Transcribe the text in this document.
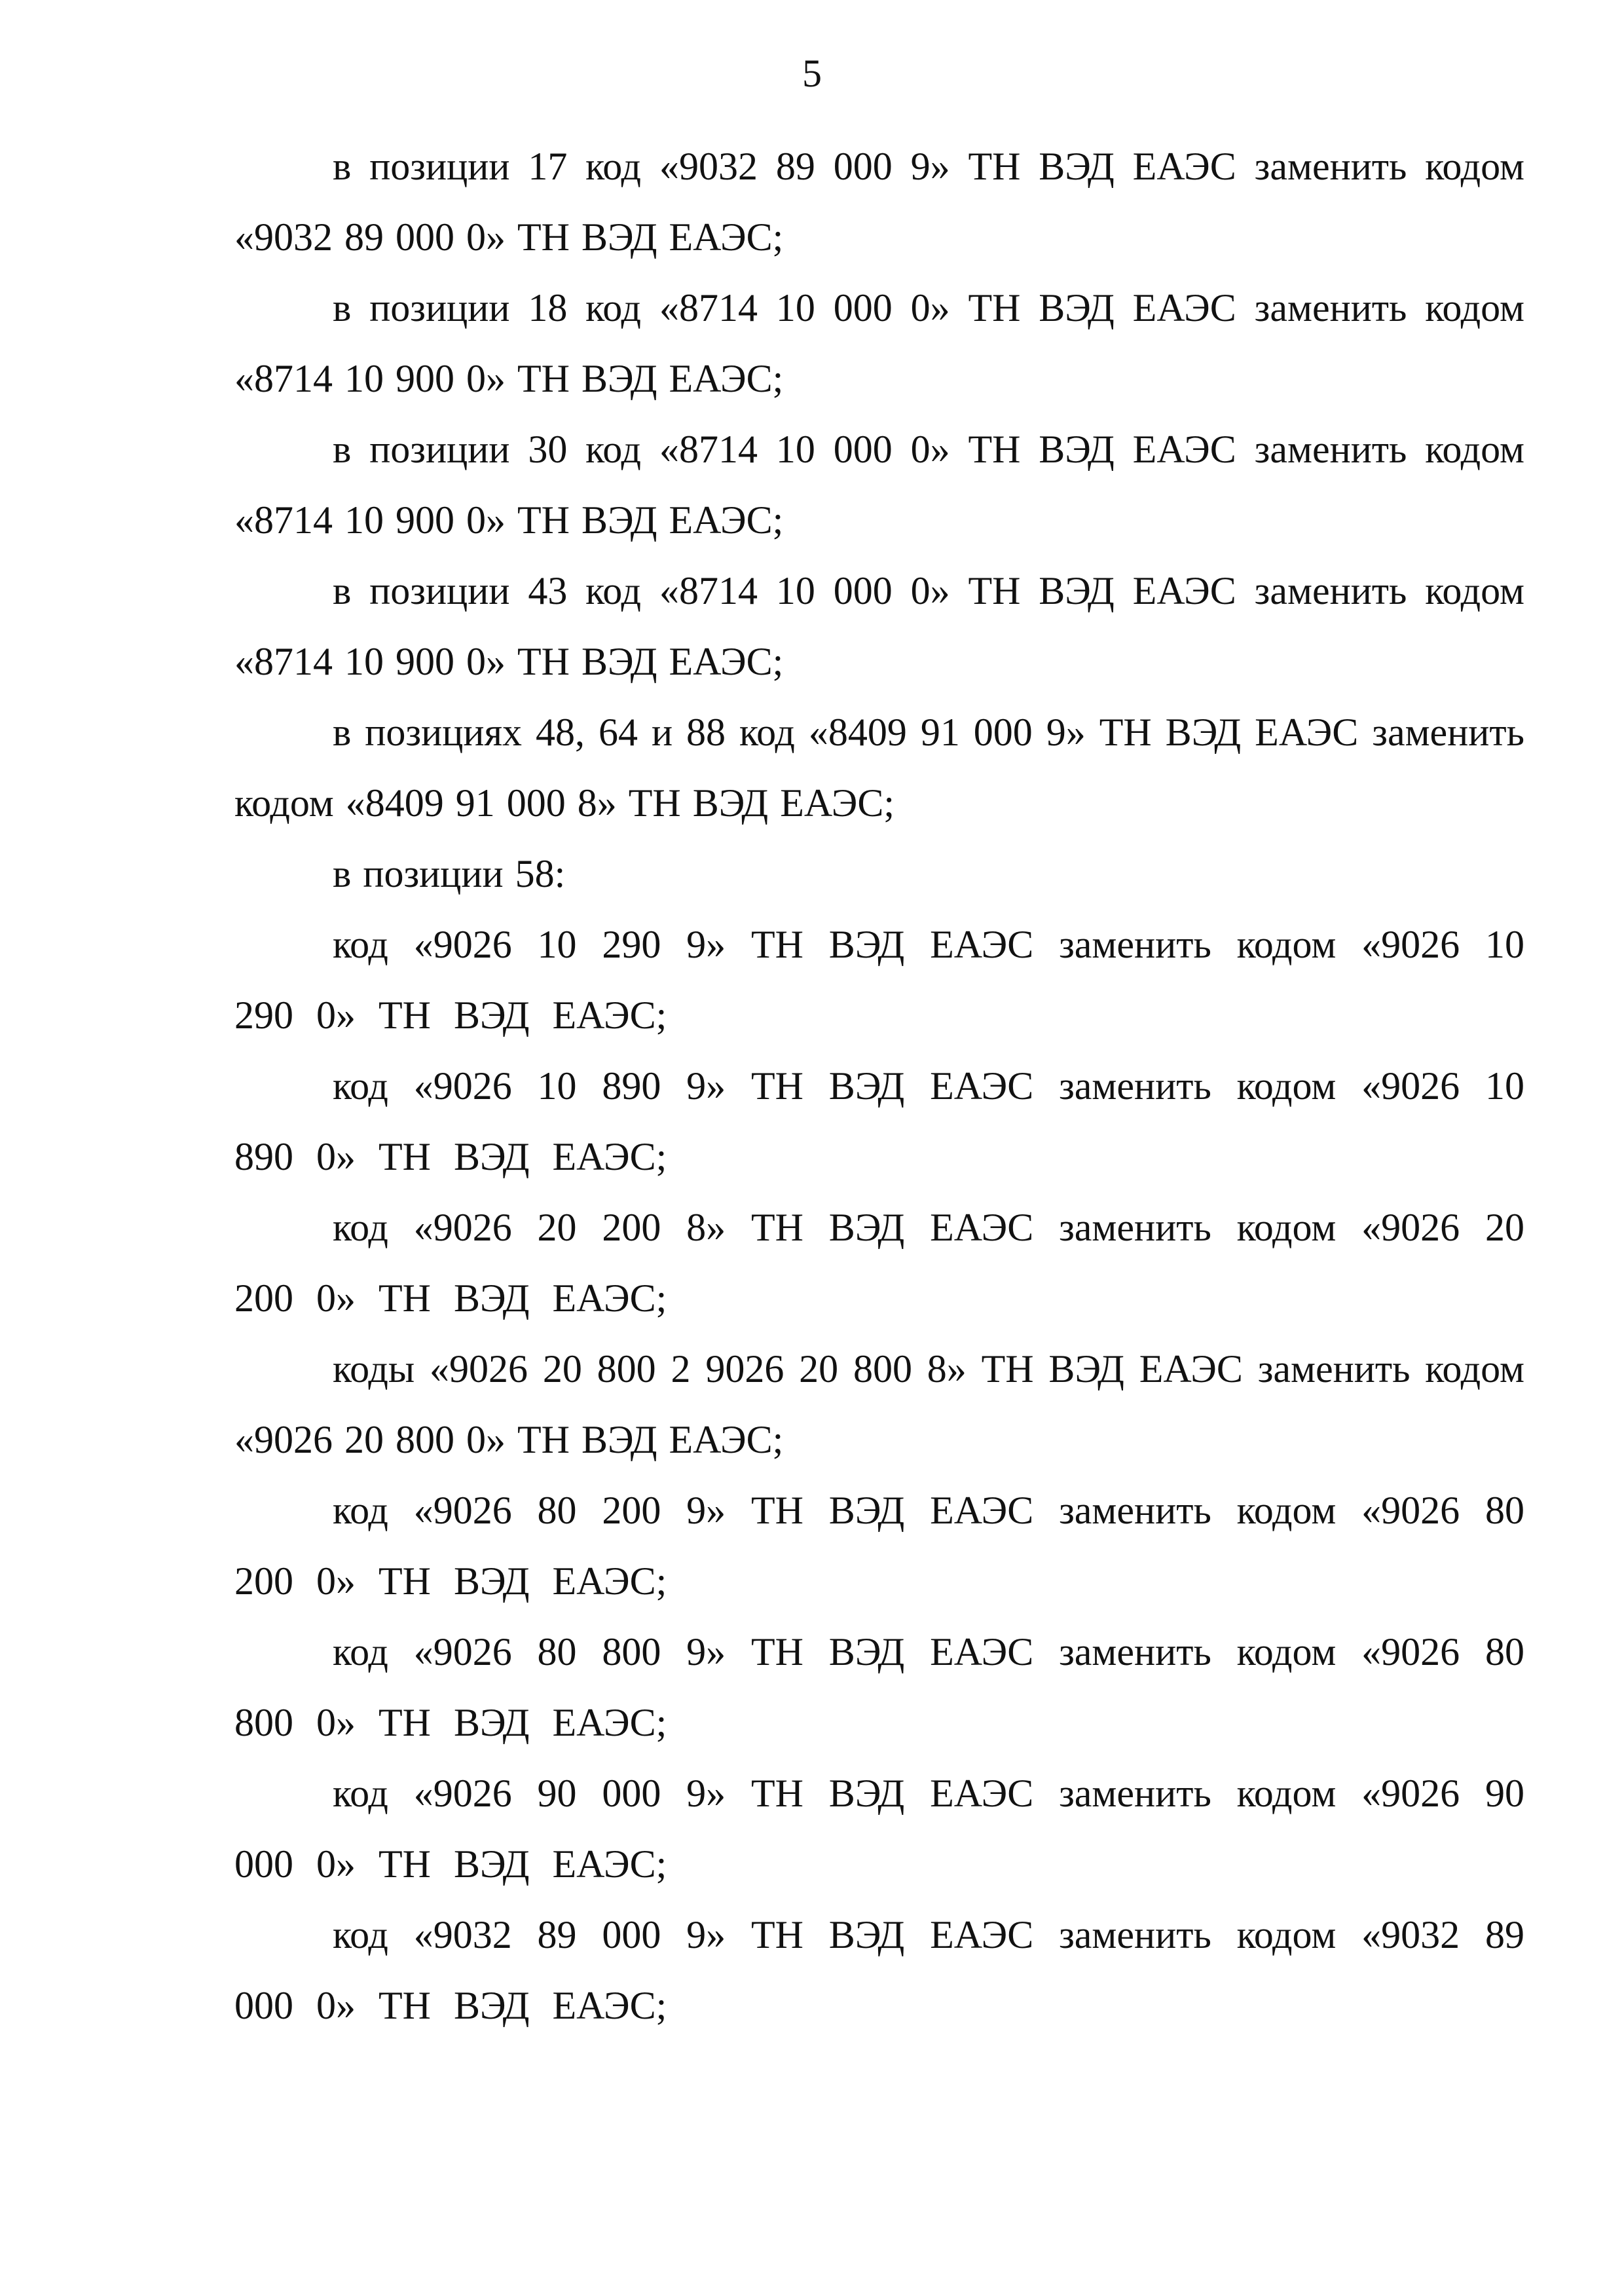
5

в позиции 17 код «9032 89 000 9» ТН ВЭД ЕАЭС заменить кодом «9032 89 000 0» ТН ВЭД ЕАЭС;

в позиции 18 код «8714 10 000 0» ТН ВЭД ЕАЭС заменить кодом «8714 10 900 0» ТН ВЭД ЕАЭС;

в позиции 30 код «8714 10 000 0» ТН ВЭД ЕАЭС заменить кодом «8714 10 900 0» ТН ВЭД ЕАЭС;

в позиции 43 код «8714 10 000 0» ТН ВЭД ЕАЭС заменить кодом «8714 10 900 0» ТН ВЭД ЕАЭС;

в позициях 48, 64 и 88 код «8409 91 000 9» ТН ВЭД ЕАЭС заменить кодом «8409 91 000 8» ТН ВЭД ЕАЭС;

в позиции 58:

код «9026 10 290 9» ТН ВЭД ЕАЭС заменить кодом «9026 10 290 0» ТН ВЭД ЕАЭС;

код «9026 10 890 9» ТН ВЭД ЕАЭС заменить кодом «9026 10 890 0» ТН ВЭД ЕАЭС;

код «9026 20 200 8» ТН ВЭД ЕАЭС заменить кодом «9026 20 200 0» ТН ВЭД ЕАЭС;

коды «9026 20 800 2 9026 20 800 8» ТН ВЭД ЕАЭС заменить кодом «9026 20 800 0» ТН ВЭД ЕАЭС;

код «9026 80 200 9» ТН ВЭД ЕАЭС заменить кодом «9026 80 200 0» ТН ВЭД ЕАЭС;

код «9026 80 800 9» ТН ВЭД ЕАЭС заменить кодом «9026 80 800 0» ТН ВЭД ЕАЭС;

код «9026 90 000 9» ТН ВЭД ЕАЭС заменить кодом «9026 90 000 0» ТН ВЭД ЕАЭС;

код «9032 89 000 9» ТН ВЭД ЕАЭС заменить кодом «9032 89 000 0» ТН ВЭД ЕАЭС;
